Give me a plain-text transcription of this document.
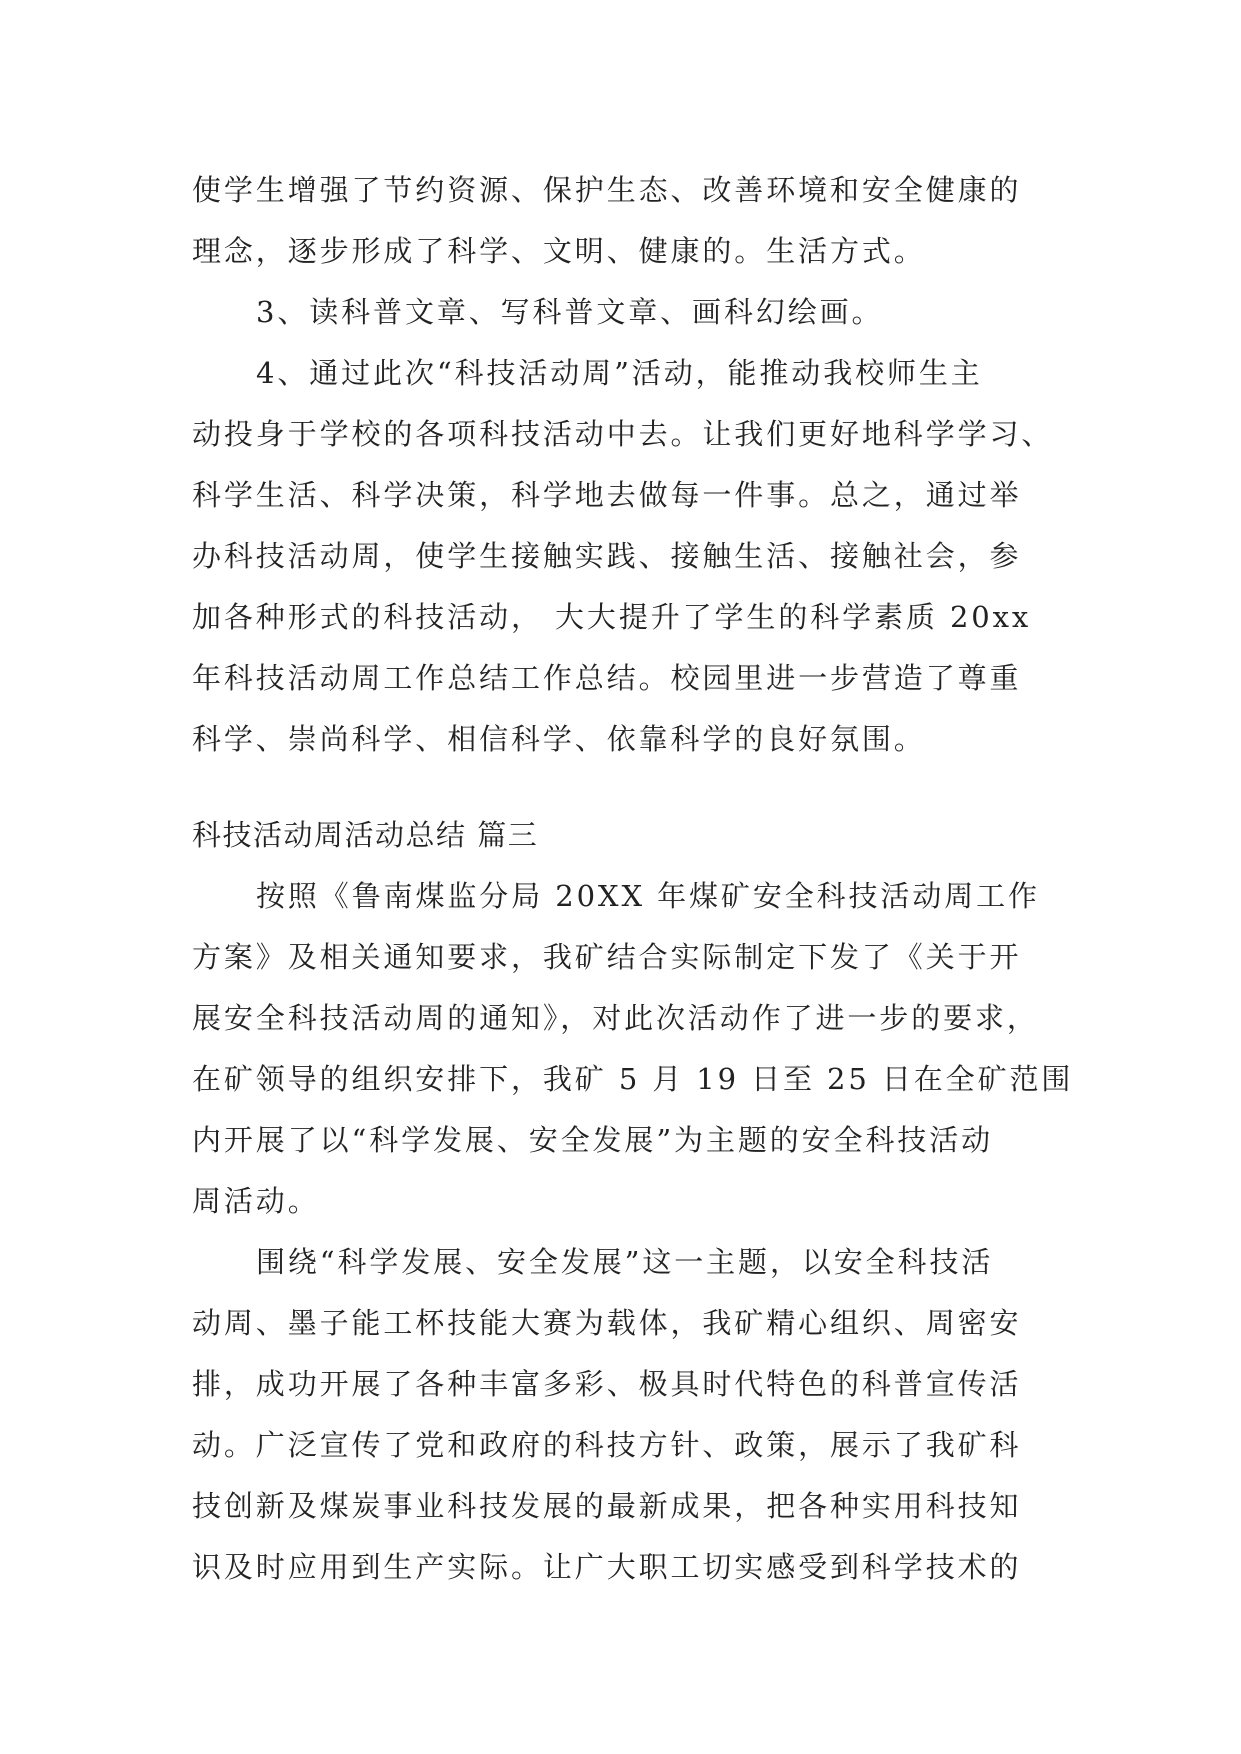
使学生增强了节约资源、保护生态、改善环境和安全健康的
理念，逐步形成了科学、文明、健康的。生活方式。

3、读科普文章、写科普文章、画科幻绘画。

4、通过此次“科技活动周”活动，能推动我校师生主
动投身于学校的各项科技活动中去。让我们更好地科学学习、
科学生活、科学决策，科学地去做每一件事。总之，通过举
办科技活动周，使学生接触实践、接触生活、接触社会，参
加各种形式的科技活动， 大大提升了学生的科学素质 20xx
年科技活动周工作总结工作总结。校园里进一步营造了尊重
科学、崇尚科学、相信科学、依靠科学的良好氛围。

科技活动周活动总结 篇三

按照《鲁南煤监分局 20XX 年煤矿安全科技活动周工作
方案》及相关通知要求，我矿结合实际制定下发了《关于开
展安全科技活动周的通知》，对此次活动作了进一步的要求，
在矿领导的组织安排下，我矿 5 月 19 日至 25 日在全矿范围
内开展了以“科学发展、安全发展”为主题的安全科技活动
周活动。

围绕“科学发展、安全发展”这一主题，以安全科技活
动周、墨子能工杯技能大赛为载体，我矿精心组织、周密安
排，成功开展了各种丰富多彩、极具时代特色的科普宣传活
动。广泛宣传了党和政府的科技方针、政策，展示了我矿科
技创新及煤炭事业科技发展的最新成果，把各种实用科技知
识及时应用到生产实际。让广大职工切实感受到科学技术的
